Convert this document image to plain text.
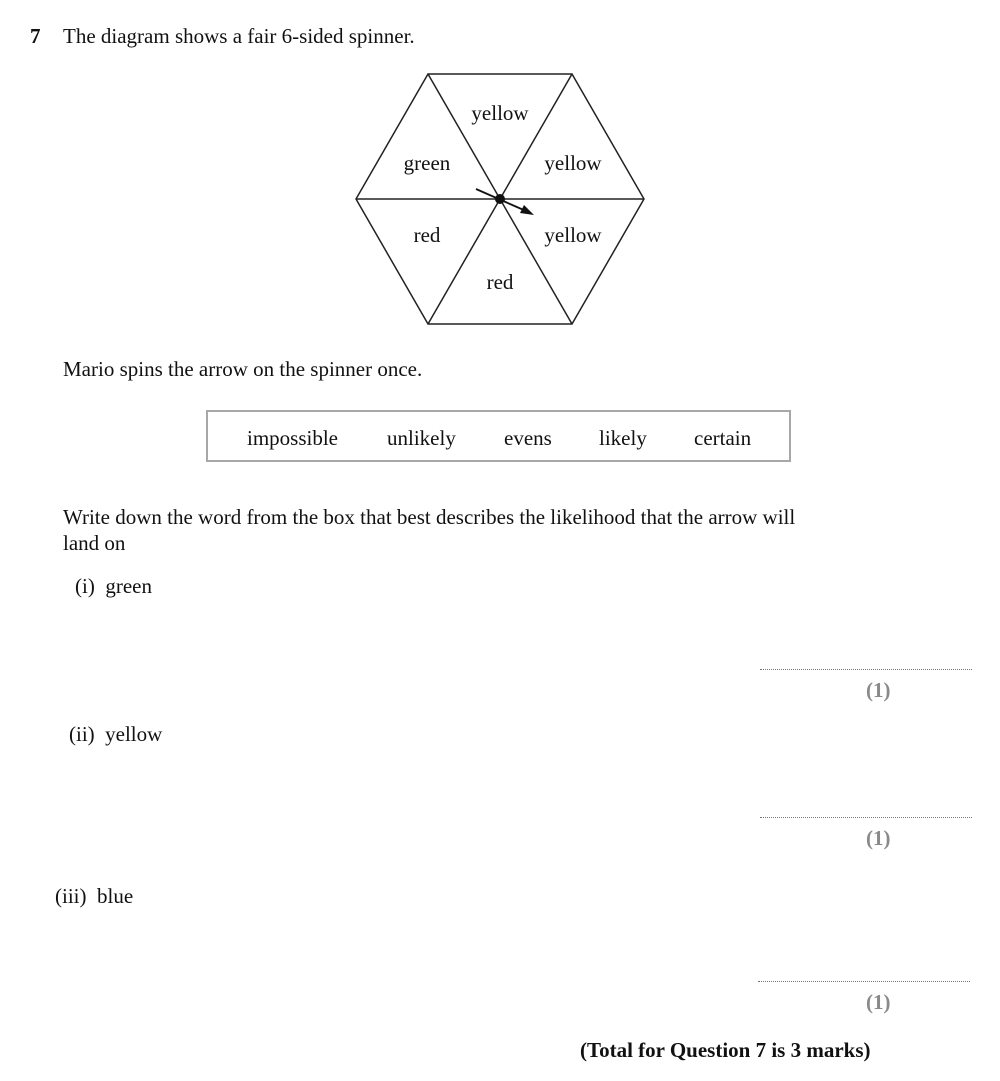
7 The diagram shows a fair 6-sided spinner.
yellow
yellow
yellow
red
red
green
Mario spins the arrow on the spinner once.
impossible unlikely evens likely certain
Write down the word from the box that best describes the likelihood that the arrow will
land on
(i) green
(1)
(ii) yellow
(1)
(iii) blue
(1)
(Total for Question 7 is 3 marks)
